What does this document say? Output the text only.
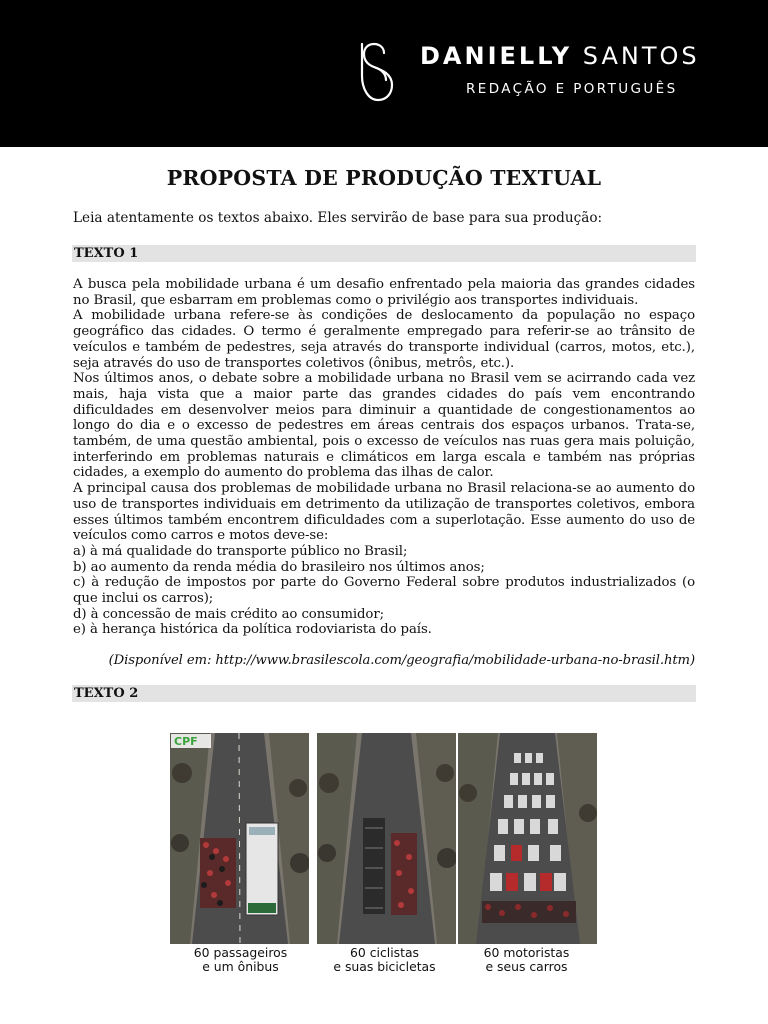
DANIELLY SANTOS
REDAÇÃO E PORTUGUÊS
PROPOSTA DE PRODUÇÃO TEXTUAL
Leia atentamente os textos abaixo. Eles servirão de base para sua produção:
TEXTO 1

A busca pela mobilidade urbana é um desafio enfrentado pela maioria das grandes cidades no Brasil, que esbarram em problemas como o privilégio aos transportes individuais.

A mobilidade urbana refere-se às condições de deslocamento da população no espaço geográfico das cidades. O termo é geralmente empregado para referir-se ao trânsito de veículos e também de pedestres, seja através do transporte individual (carros, motos, etc.), seja através do uso de transportes coletivos (ônibus, metrôs, etc.).

Nos últimos anos, o debate sobre a mobilidade urbana no Brasil vem se acirrando cada vez mais, haja vista que a maior parte das grandes cidades do país vem encontrando dificuldades em desenvolver meios para diminuir a quantidade de congestionamentos ao longo do dia e o excesso de pedestres em áreas centrais dos espaços urbanos. Trata-se, também, de uma questão ambiental, pois o excesso de veículos nas ruas gera mais poluição, interferindo em problemas naturais e climáticos em larga escala e também nas próprias cidades, a exemplo do aumento do problema das ilhas de calor.

A principal causa dos problemas de mobilidade urbana no Brasil relaciona-se ao aumento do uso de transportes individuais em detrimento da utilização de transportes coletivos, embora esses últimos também encontrem dificuldades com a superlotação. Esse aumento do uso de veículos como carros e motos deve-se:

a) à má qualidade do transporte público no Brasil;

b) ao aumento da renda média do brasileiro nos últimos anos;

c) à redução de impostos por parte do Governo Federal sobre produtos industrializados (o que inclui os carros);

d) à concessão de mais crédito ao consumidor;

e) à herança histórica da política rodoviarista do país.

(Disponível em: http://www.brasilescola.com/geografia/mobilidade-urbana-no-brasil.htm)
TEXTO 2
CPF
60 passageiros
e um ônibus
60 ciclistas
e suas bicicletas
60 motoristas
e seus carros
